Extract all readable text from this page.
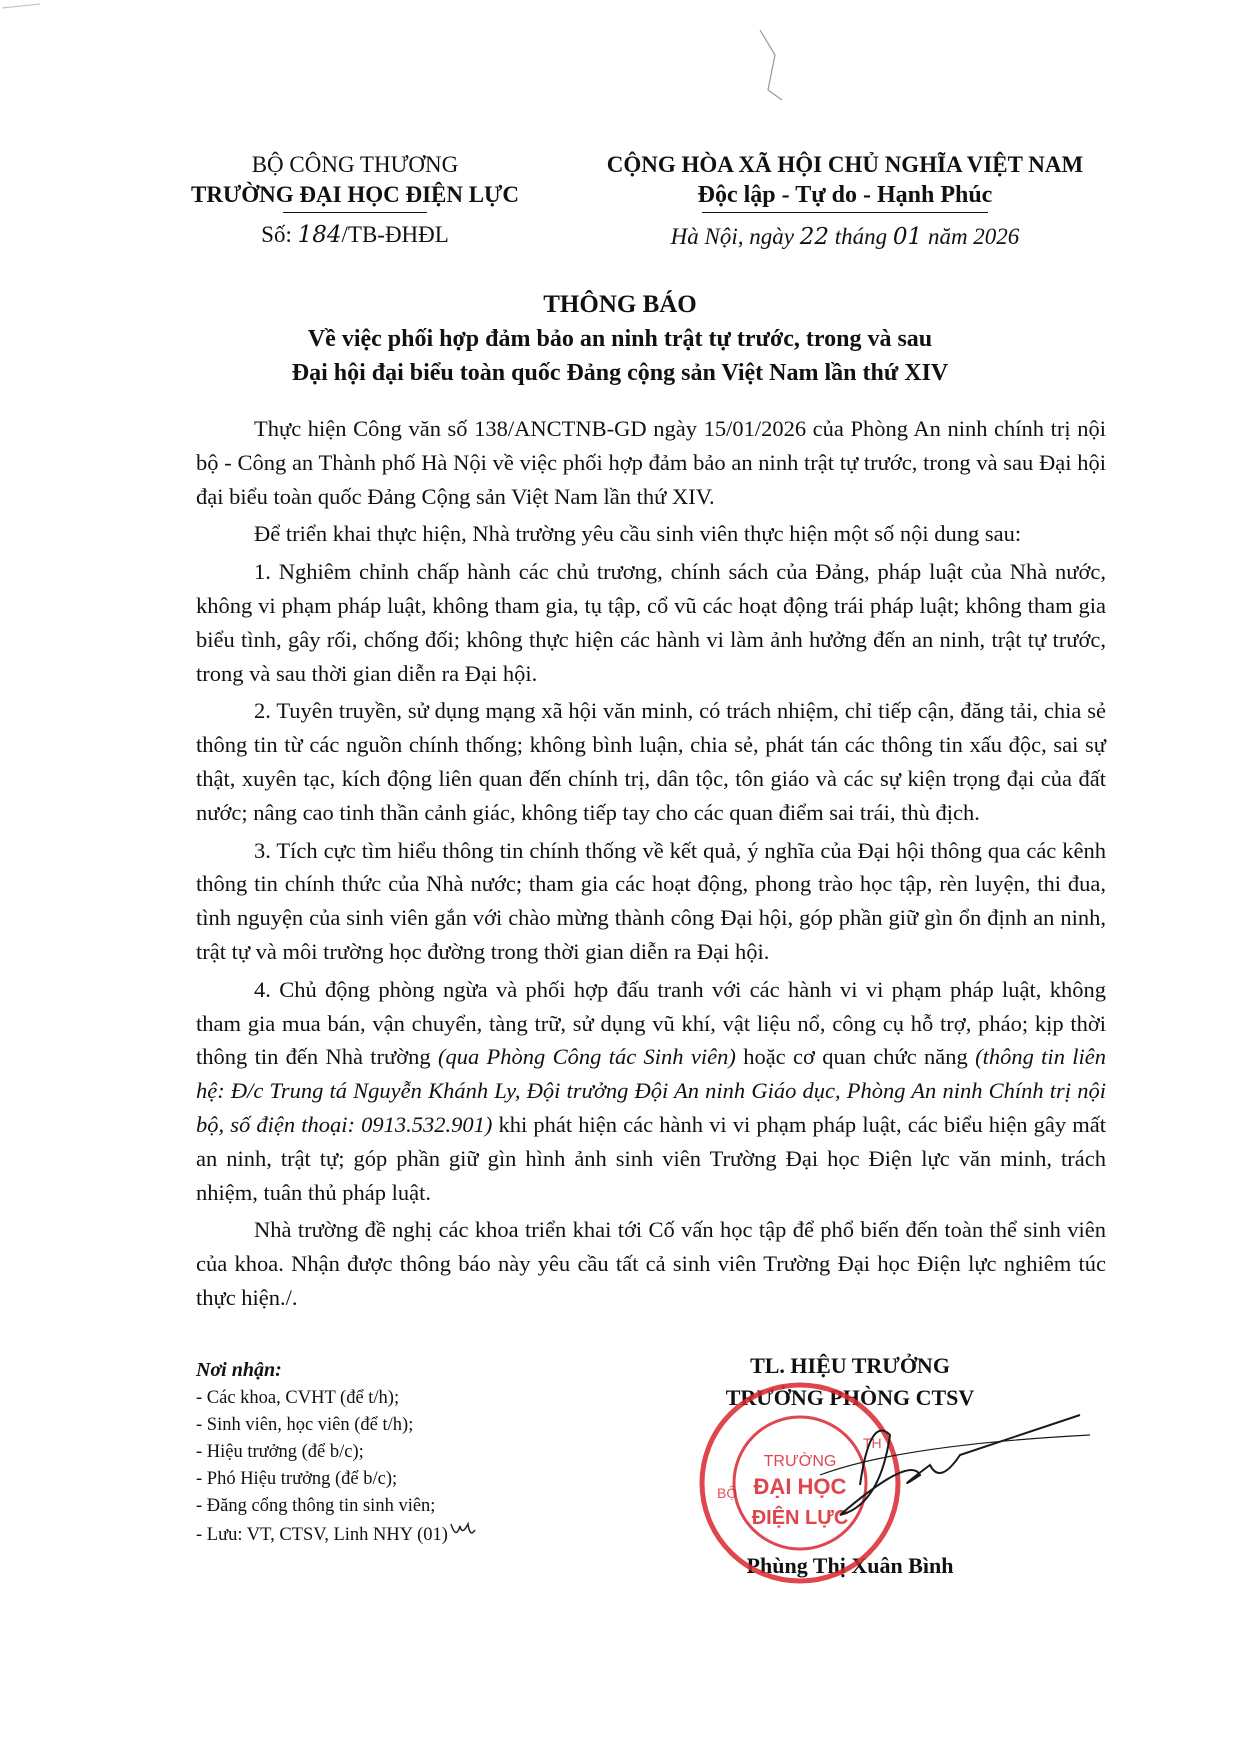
BỘ CÔNG THƯƠNG
TRƯỜNG ĐẠI HỌC ĐIỆN LỰC
Số: 184/TB-ĐHĐL
CỘNG HÒA XÃ HỘI CHỦ NGHĨA VIỆT NAM
Độc lập - Tự do - Hạnh Phúc
Hà Nội, ngày 22 tháng 01 năm 2026
THÔNG BÁO
Về việc phối hợp đảm bảo an ninh trật tự trước, trong và sau
Đại hội đại biểu toàn quốc Đảng cộng sản Việt Nam lần thứ XIV

Thực hiện Công văn số 138/ANCTNB-GD ngày 15/01/2026 của Phòng An ninh chính trị nội bộ - Công an Thành phố Hà Nội về việc phối hợp đảm bảo an ninh trật tự trước, trong và sau Đại hội đại biểu toàn quốc Đảng Cộng sản Việt Nam lần thứ XIV.

Để triển khai thực hiện, Nhà trường yêu cầu sinh viên thực hiện một số nội dung sau:

1. Nghiêm chỉnh chấp hành các chủ trương, chính sách của Đảng, pháp luật của Nhà nước, không vi phạm pháp luật, không tham gia, tụ tập, cổ vũ các hoạt động trái pháp luật; không tham gia biểu tình, gây rối, chống đối; không thực hiện các hành vi làm ảnh hưởng đến an ninh, trật tự trước, trong và sau thời gian diễn ra Đại hội.

2. Tuyên truyền, sử dụng mạng xã hội văn minh, có trách nhiệm, chỉ tiếp cận, đăng tải, chia sẻ thông tin từ các nguồn chính thống; không bình luận, chia sẻ, phát tán các thông tin xấu độc, sai sự thật, xuyên tạc, kích động liên quan đến chính trị, dân tộc, tôn giáo và các sự kiện trọng đại của đất nước; nâng cao tinh thần cảnh giác, không tiếp tay cho các quan điểm sai trái, thù địch.

3. Tích cực tìm hiểu thông tin chính thống về kết quả, ý nghĩa của Đại hội thông qua các kênh thông tin chính thức của Nhà nước; tham gia các hoạt động, phong trào học tập, rèn luyện, thi đua, tình nguyện của sinh viên gắn với chào mừng thành công Đại hội, góp phần giữ gìn ổn định an ninh, trật tự và môi trường học đường trong thời gian diễn ra Đại hội.

4. Chủ động phòng ngừa và phối hợp đấu tranh với các hành vi vi phạm pháp luật, không tham gia mua bán, vận chuyển, tàng trữ, sử dụng vũ khí, vật liệu nổ, công cụ hỗ trợ, pháo; kịp thời thông tin đến Nhà trường (qua Phòng Công tác Sinh viên) hoặc cơ quan chức năng (thông tin liên hệ: Đ/c Trung tá Nguyễn Khánh Ly, Đội trưởng Đội An ninh Giáo dục, Phòng An ninh Chính trị nội bộ, số điện thoại: 0913.532.901) khi phát hiện các hành vi vi phạm pháp luật, các biểu hiện gây mất an ninh, trật tự; góp phần giữ gìn hình ảnh sinh viên Trường Đại học Điện lực văn minh, trách nhiệm, tuân thủ pháp luật.

Nhà trường đề nghị các khoa triển khai tới Cố vấn học tập để phổ biến đến toàn thể sinh viên của khoa. Nhận được thông báo này yêu cầu tất cả sinh viên Trường Đại học Điện lực nghiêm túc thực hiện./.

Nơi nhận:
- Các khoa, CVHT (để t/h);
- Sinh viên, học viên (để t/h);
- Hiệu trưởng (để b/c);
- Phó Hiệu trưởng (để b/c);
- Đăng cổng thông tin sinh viên;
- Lưu: VT, CTSV, Linh NHY (01)
TL. HIỆU TRƯỞNG
TRƯỞNG PHÒNG CTSV
Phùng Thị Xuân Bình
TRƯỜNG
ĐẠI HỌC
ĐIỆN LỰC
BỘ
TH
